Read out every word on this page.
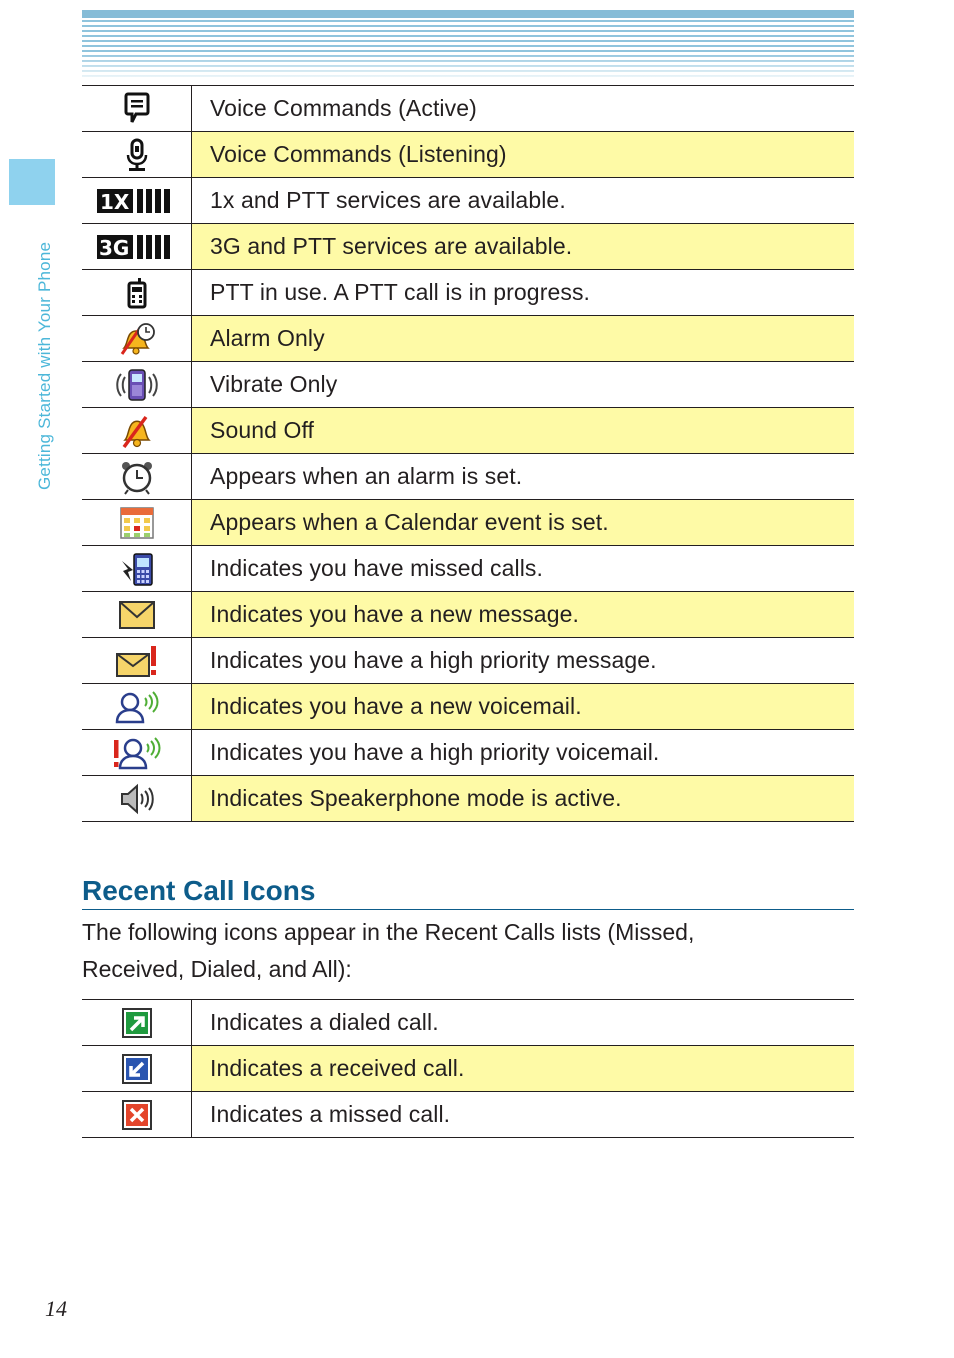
Getting Started with Your Phone
	Voice Commands (Active)

	Voice Commands (Listening)

1X	1x and PTT services are available.

3G	3G and PTT services are available.

	PTT in use. A PTT call is in progress.

	Alarm Only

	Vibrate Only

	Sound Off

	Appears when an alarm is set.

	Appears when a Calendar event is set.

	Indicates you have missed calls.

	Indicates you have a new message.

	Indicates you have a high priority message.

	Indicates you have a new voicemail.

	Indicates you have a high priority voicemail.

	Indicates Speakerphone mode is active.
Recent Call Icons
The following icons appear in the Recent Calls lists (Missed, Received, Dialed, and All):
	Indicates a dialed call.

	Indicates a received call.

	Indicates a missed call.
14
